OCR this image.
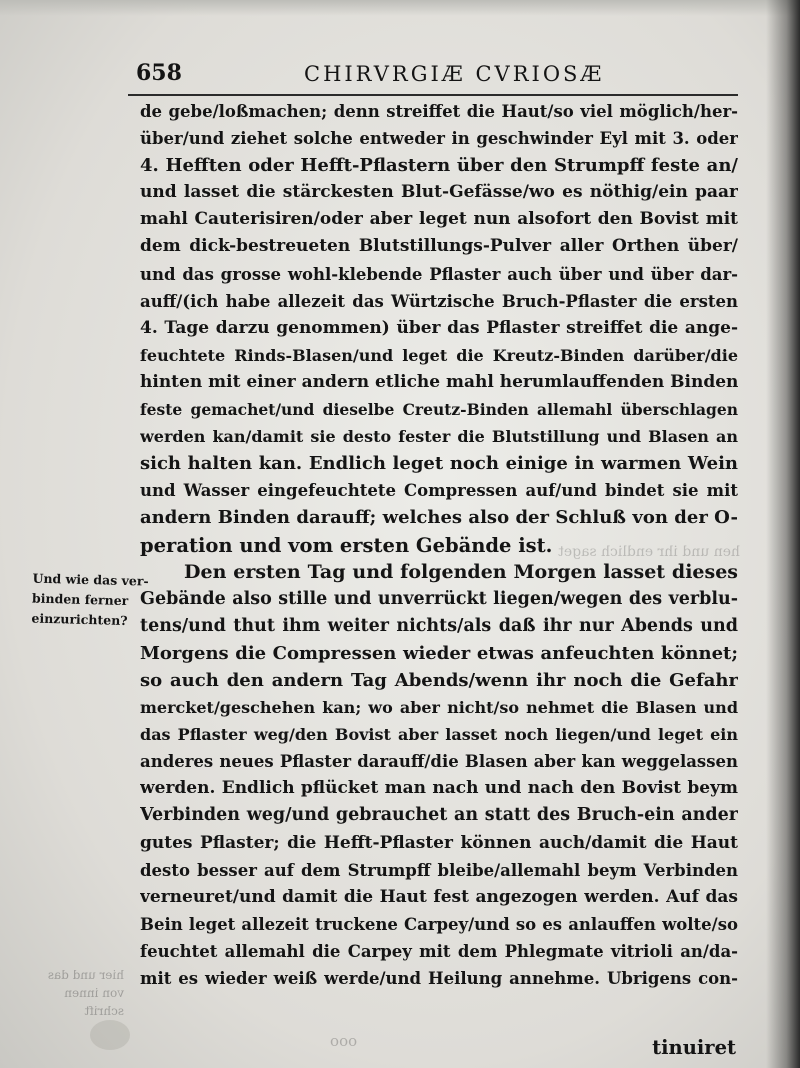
658	CHIRVRGIÆ CVRIOSÆ
hen und ihr endlich saget
de gebe/loßmachen; denn streiffet die Haut/so viel möglich/her-
über/und ziehet solche entweder in geschwinder Eyl mit 3. oder
4. Hefften oder Hefft-Pflastern über den Strumpff feste an/
und lasset die stärckesten Blut-Gefässe/wo es nöthig/ein paar
mahl Cauterisiren/oder aber leget nun alsofort den Bovist mit
dem dick-bestreueten Blutstillungs-Pulver aller Orthen über/
und das grosse wohl-klebende Pflaster auch über und über dar-
auff/(ich habe allezeit das Würtzische Bruch-Pflaster die ersten
4. Tage darzu genommen) über das Pflaster streiffet die ange-
feuchtete Rinds-Blasen/und leget die Kreutz-Binden darüber/die
hinten mit einer andern etliche mahl herumlauffenden Binden
feste gemachet/und dieselbe Creutz-Binden allemahl überschlagen
werden kan/damit sie desto fester die Blutstillung und Blasen an
sich halten kan. Endlich leget noch einige in warmen Wein
und Wasser eingefeuchtete Compressen auf/und bindet sie mit
andern Binden darauff; welches also der Schluß von der O-
peration und vom ersten Gebände ist.
Den ersten Tag und folgenden Morgen lasset dieses
Gebände also stille und unverrückt liegen/wegen des verblu-
tens/und thut ihm weiter nichts/als daß ihr nur Abends und
Morgens die Compressen wieder etwas anfeuchten könnet;
so auch den andern Tag Abends/wenn ihr noch die Gefahr
mercket/geschehen kan; wo aber nicht/so nehmet die Blasen und
das Pflaster weg/den Bovist aber lasset noch liegen/und leget ein
anderes neues Pflaster darauff/die Blasen aber kan weggelassen
werden. Endlich pflücket man nach und nach den Bovist beym
Verbinden weg/und gebrauchet an statt des Bruch-ein ander
gutes Pflaster; die Hefft-Pflaster können auch/damit die Haut
desto besser auf dem Strumpff bleibe/allemahl beym Verbinden
verneuret/und damit die Haut fest angezogen werden. Auf das
Bein leget allezeit truckene Carpey/und so es anlauffen wolte/so
feuchtet allemahl die Carpey mit dem Phlegmate vitrioli an/da-
mit es wieder weiß werde/und Heilung annehme. Ubrigens con-
Und wie das ver-
binden ferner
einzurichten?
hier und das
von innen
schrift
ooo	tinuiret
